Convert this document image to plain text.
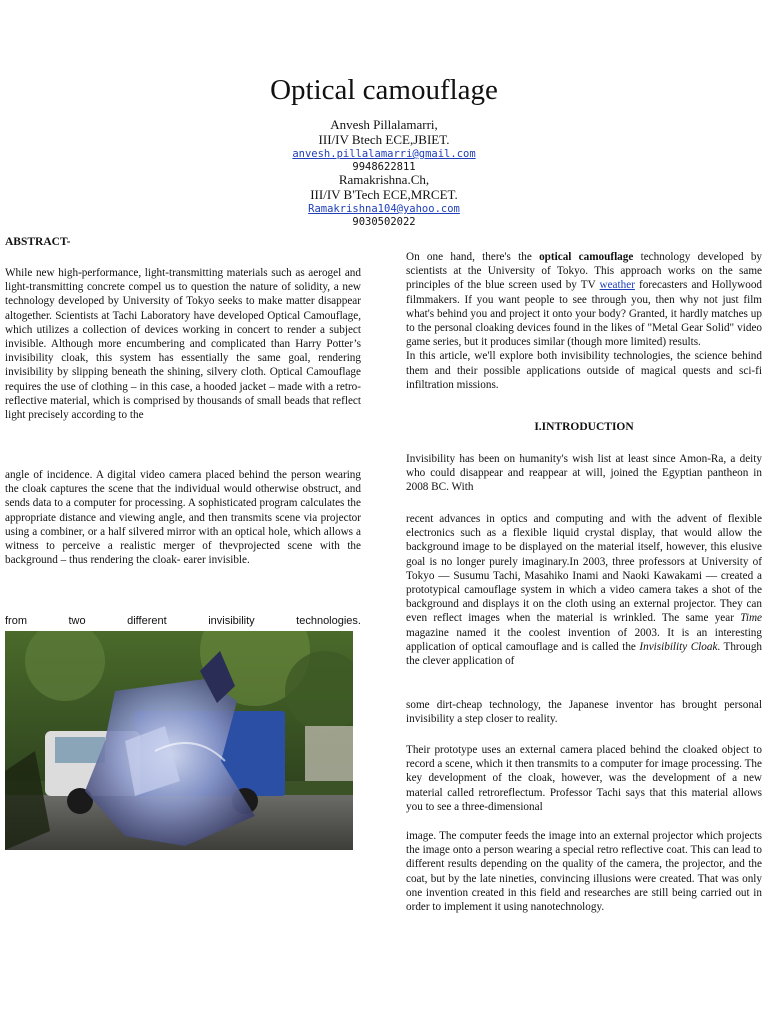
Optical camouflage
Anvesh Pillalamarri,
III/IV Btech ECE,JBIET.
anvesh.pillalamarri@gmail.com
9948622811
Ramakrishna.Ch,
III/IV B'Tech ECE,MRCET.
Ramakrishna104@yahoo.com
9030502022
ABSTRACT-

While new high-performance, light-transmitting materials such as aerogel and light-transmitting concrete compel us to question the nature of solidity, a new technology developed by University of Tokyo seeks to make matter disappear altogether. Scientists at Tachi Laboratory have developed Optical Camouflage, which utilizes a collection of devices working in concert to render a subject invisible. Although more encumbering and complicated than Harry Potter’s invisibility cloak, this system has essentially the same goal, rendering invisibility by slipping beneath the shining, silvery cloth. Optical Camouflage requires the use of clothing – in this case, a hooded jacket – made with a retro-reflective material, which is comprised by thousands of small beads that reflect light precisely according to the

angle of incidence. A digital video camera placed behind the person wearing the cloak captures the scene that the individual would otherwise obstruct, and sends data to a computer for processing. A sophisticated program calculates the appropriate distance and viewing angle, and then transmits scene via projector using a combiner, or a half silvered mirror with an optical hole, which allows a witness to perceive a realistic merger of thevprojected scene with the background – thus rendering the cloak- earer invisible.

from	two	different	invisibility	technologies.

On one hand, there's the optical camouflage technology developed by scientists at the University of Tokyo. This approach works on the same principles of the blue screen used by TV weather forecasters and Hollywood filmmakers. If you want people to see through you, then why not just film what's behind you and project it onto your body? Granted, it hardly matches up to the personal cloaking devices found in the likes of "Metal Gear Solid" video game series, but it produces similar (though more limited) results.

In this article, we'll explore both invisibility technologies, the science behind them and their possible applications outside of magical quests and sci-fi infiltration missions.

I.INTRODUCTION

Invisibility has been on humanity's wish list at least since Amon-Ra, a deity who could disappear and reappear at will, joined the Egyptian pantheon in 2008 BC. With

recent advances in optics and computing and with the advent of flexible electronics such as a flexible liquid crystal display, that would allow the background image to be displayed on the material itself, however, this elusive goal is no longer purely imaginary.In 2003, three professors at University of Tokyo — Susumu Tachi, Masahiko Inami and Naoki Kawakami — created a prototypical camouflage system in which a video camera takes a shot of the background and displays it on the cloth using an external projector. They can even reflect images when the material is wrinkled. The same year Time magazine named it the coolest invention of 2003. It is an interesting application of optical camouflage and is called the Invisibility Cloak. Through the clever application of

some dirt-cheap technology, the Japanese inventor has brought personal invisibility a step closer to reality.

Their prototype uses an external camera placed behind the cloaked object to record a scene, which it then transmits to a computer for image processing. The key development of the cloak, however, was the development of a new material called retroreflectum. Professor Tachi says that this material allows you to see a three-dimensional

image. The computer feeds the image into an external projector which projects the image onto a person wearing a special retro reflective coat. This can lead to different results depending on the quality of the camera, the projector, and the coat, but by the late nineties, convincing illusions were created. That was only one invention created in this field and researches are still being carried out in order to implement it using nanotechnology.
